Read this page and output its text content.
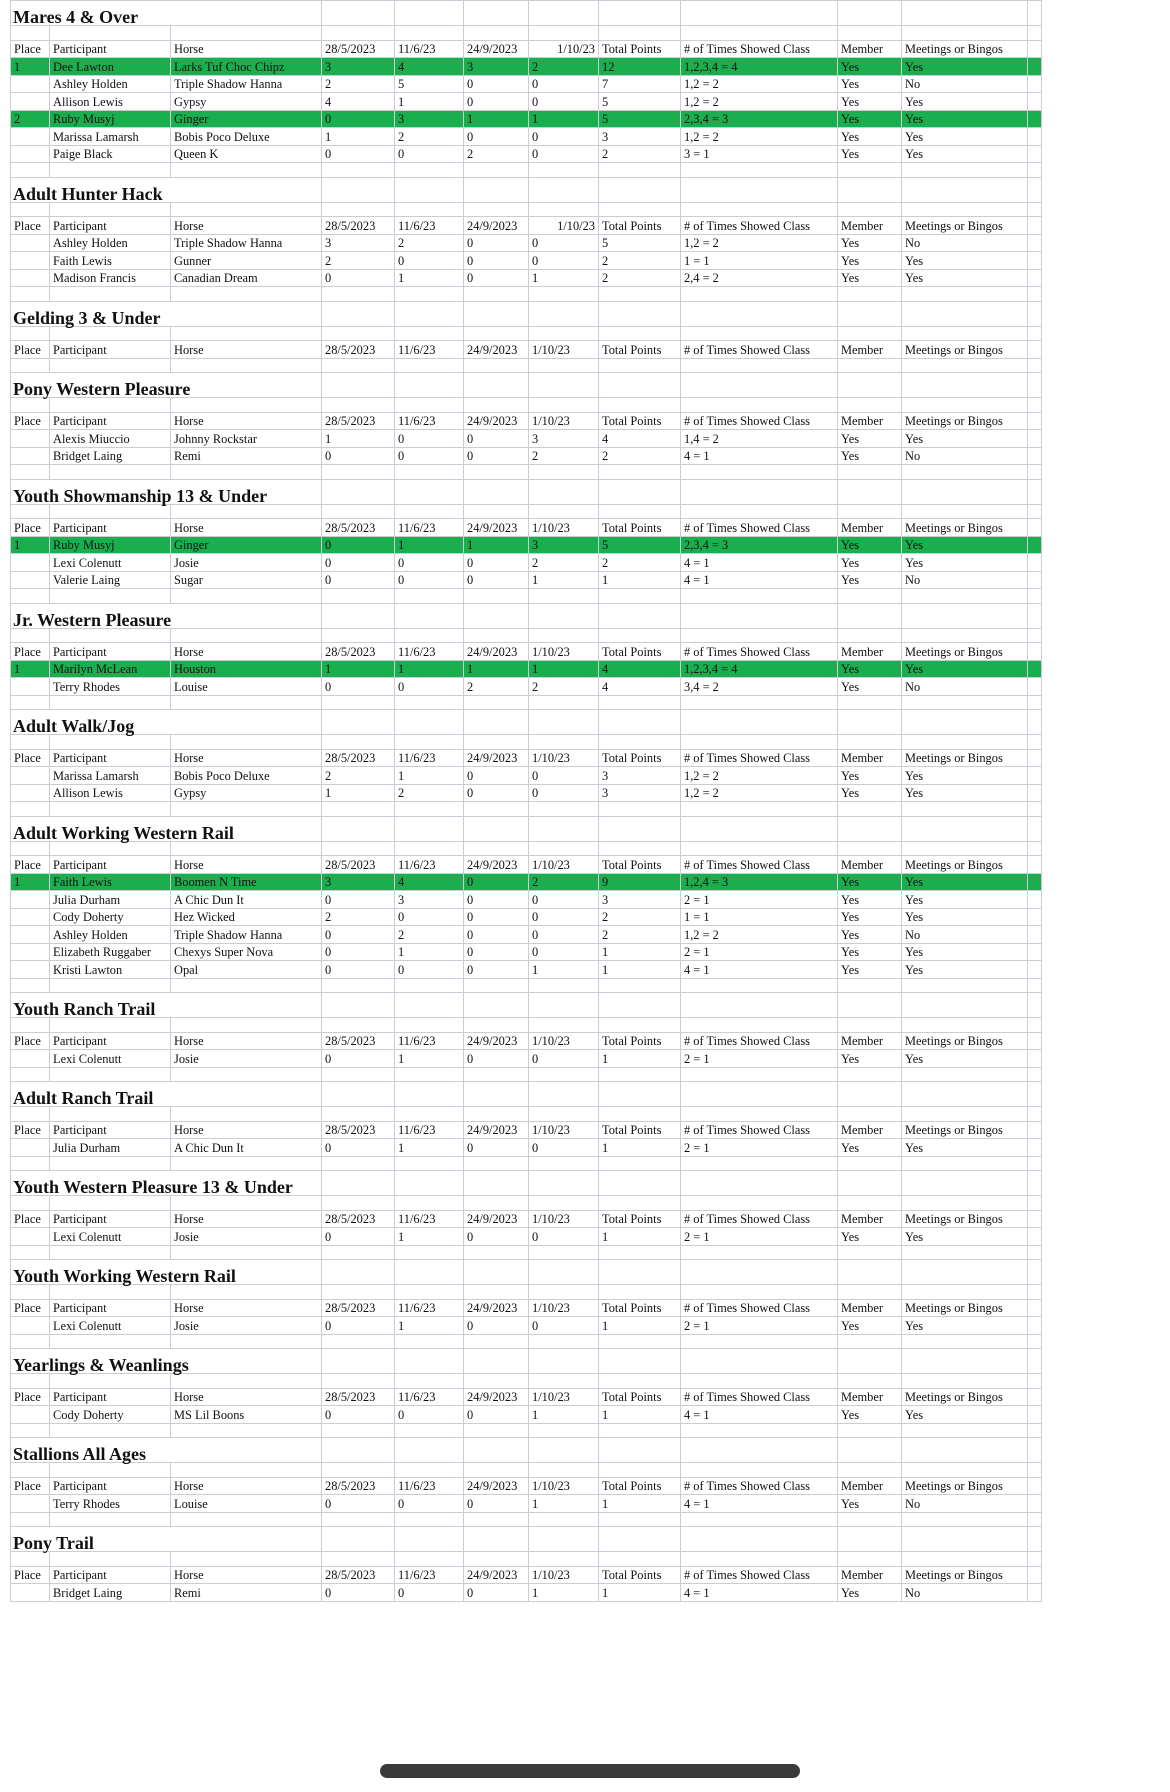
Mares 4 & Over											

Place	Participant	Horse	28/5/2023	11/6/23	24/9/2023	1/10/23	Total Points	# of Times Showed Class	Member	Meetings or Bingos	
1	Dee Lawton	Larks Tuf Choc Chipz	3	4	3	2	12	1,2,3,4 = 4	Yes	Yes	
	Ashley Holden	Triple Shadow Hanna	2	5	0	0	7	1,2 = 2	Yes	No	
	Allison Lewis	Gypsy	4	1	0	0	5	1,2 = 2	Yes	Yes	
2	Ruby Musyj	Ginger	0	3	1	1	5	2,3,4 = 3	Yes	Yes	
	Marissa Lamarsh	Bobis Poco Deluxe	1	2	0	0	3	1,2 = 2	Yes	Yes	
	Paige Black	Queen K	0	0	2	0	2	3 = 1	Yes	Yes	

Adult Hunter Hack											

Place	Participant	Horse	28/5/2023	11/6/23	24/9/2023	1/10/23	Total Points	# of Times Showed Class	Member	Meetings or Bingos	
	Ashley Holden	Triple Shadow Hanna	3	2	0	0	5	1,2 = 2	Yes	No	
	Faith Lewis	Gunner	2	0	0	0	2	1 = 1	Yes	Yes	
	Madison Francis	Canadian Dream	0	1	0	1	2	2,4 = 2	Yes	Yes	

Gelding 3 & Under											

Place	Participant	Horse	28/5/2023	11/6/23	24/9/2023	1/10/23	Total Points	# of Times Showed Class	Member	Meetings or Bingos	

Pony Western Pleasure											

Place	Participant	Horse	28/5/2023	11/6/23	24/9/2023	1/10/23	Total Points	# of Times Showed Class	Member	Meetings or Bingos	
	Alexis Miuccio	Johnny Rockstar	1	0	0	3	4	1,4 = 2	Yes	Yes	
	Bridget Laing	Remi	0	0	0	2	2	4 = 1	Yes	No	

Youth Showmanship 13 & Under											

Place	Participant	Horse	28/5/2023	11/6/23	24/9/2023	1/10/23	Total Points	# of Times Showed Class	Member	Meetings or Bingos	
1	Ruby Musyj	Ginger	0	1	1	3	5	2,3,4 = 3	Yes	Yes	
	Lexi Colenutt	Josie	0	0	0	2	2	4 = 1	Yes	Yes	
	Valerie Laing	Sugar	0	0	0	1	1	4 = 1	Yes	No	

Jr. Western Pleasure											

Place	Participant	Horse	28/5/2023	11/6/23	24/9/2023	1/10/23	Total Points	# of Times Showed Class	Member	Meetings or Bingos	
1	Marilyn McLean	Houston	1	1	1	1	4	1,2,3,4 = 4	Yes	Yes	
	Terry Rhodes	Louise	0	0	2	2	4	3,4 = 2	Yes	No	

Adult Walk/Jog											

Place	Participant	Horse	28/5/2023	11/6/23	24/9/2023	1/10/23	Total Points	# of Times Showed Class	Member	Meetings or Bingos	
	Marissa Lamarsh	Bobis Poco Deluxe	2	1	0	0	3	1,2 = 2	Yes	Yes	
	Allison Lewis	Gypsy	1	2	0	0	3	1,2 = 2	Yes	Yes	

Adult Working Western Rail											

Place	Participant	Horse	28/5/2023	11/6/23	24/9/2023	1/10/23	Total Points	# of Times Showed Class	Member	Meetings or Bingos	
1	Faith Lewis	Boomen N Time	3	4	0	2	9	1,2,4 = 3	Yes	Yes	
	Julia Durham	A Chic Dun It	0	3	0	0	3	2 = 1	Yes	Yes	
	Cody Doherty	Hez Wicked	2	0	0	0	2	1 = 1	Yes	Yes	
	Ashley Holden	Triple Shadow Hanna	0	2	0	0	2	1,2 = 2	Yes	No	
	Elizabeth Ruggaber	Chexys Super Nova	0	1	0	0	1	2 = 1	Yes	Yes	
	Kristi Lawton	Opal	0	0	0	1	1	4 = 1	Yes	Yes	

Youth Ranch Trail											

Place	Participant	Horse	28/5/2023	11/6/23	24/9/2023	1/10/23	Total Points	# of Times Showed Class	Member	Meetings or Bingos	
	Lexi Colenutt	Josie	0	1	0	0	1	2 = 1	Yes	Yes	

Adult Ranch Trail											

Place	Participant	Horse	28/5/2023	11/6/23	24/9/2023	1/10/23	Total Points	# of Times Showed Class	Member	Meetings or Bingos	
	Julia Durham	A Chic Dun It	0	1	0	0	1	2 = 1	Yes	Yes	

Youth Western Pleasure 13 & Under											

Place	Participant	Horse	28/5/2023	11/6/23	24/9/2023	1/10/23	Total Points	# of Times Showed Class	Member	Meetings or Bingos	
	Lexi Colenutt	Josie	0	1	0	0	1	2 = 1	Yes	Yes	

Youth Working Western Rail											

Place	Participant	Horse	28/5/2023	11/6/23	24/9/2023	1/10/23	Total Points	# of Times Showed Class	Member	Meetings or Bingos	
	Lexi Colenutt	Josie	0	1	0	0	1	2 = 1	Yes	Yes	

Yearlings & Weanlings											

Place	Participant	Horse	28/5/2023	11/6/23	24/9/2023	1/10/23	Total Points	# of Times Showed Class	Member	Meetings or Bingos	
	Cody Doherty	MS Lil Boons	0	0	0	1	1	4 = 1	Yes	Yes	

Stallions All Ages											

Place	Participant	Horse	28/5/2023	11/6/23	24/9/2023	1/10/23	Total Points	# of Times Showed Class	Member	Meetings or Bingos	
	Terry Rhodes	Louise	0	0	0	1	1	4 = 1	Yes	No	

Pony Trail											

Place	Participant	Horse	28/5/2023	11/6/23	24/9/2023	1/10/23	Total Points	# of Times Showed Class	Member	Meetings or Bingos	
	Bridget Laing	Remi	0	0	0	1	1	4 = 1	Yes	No	
